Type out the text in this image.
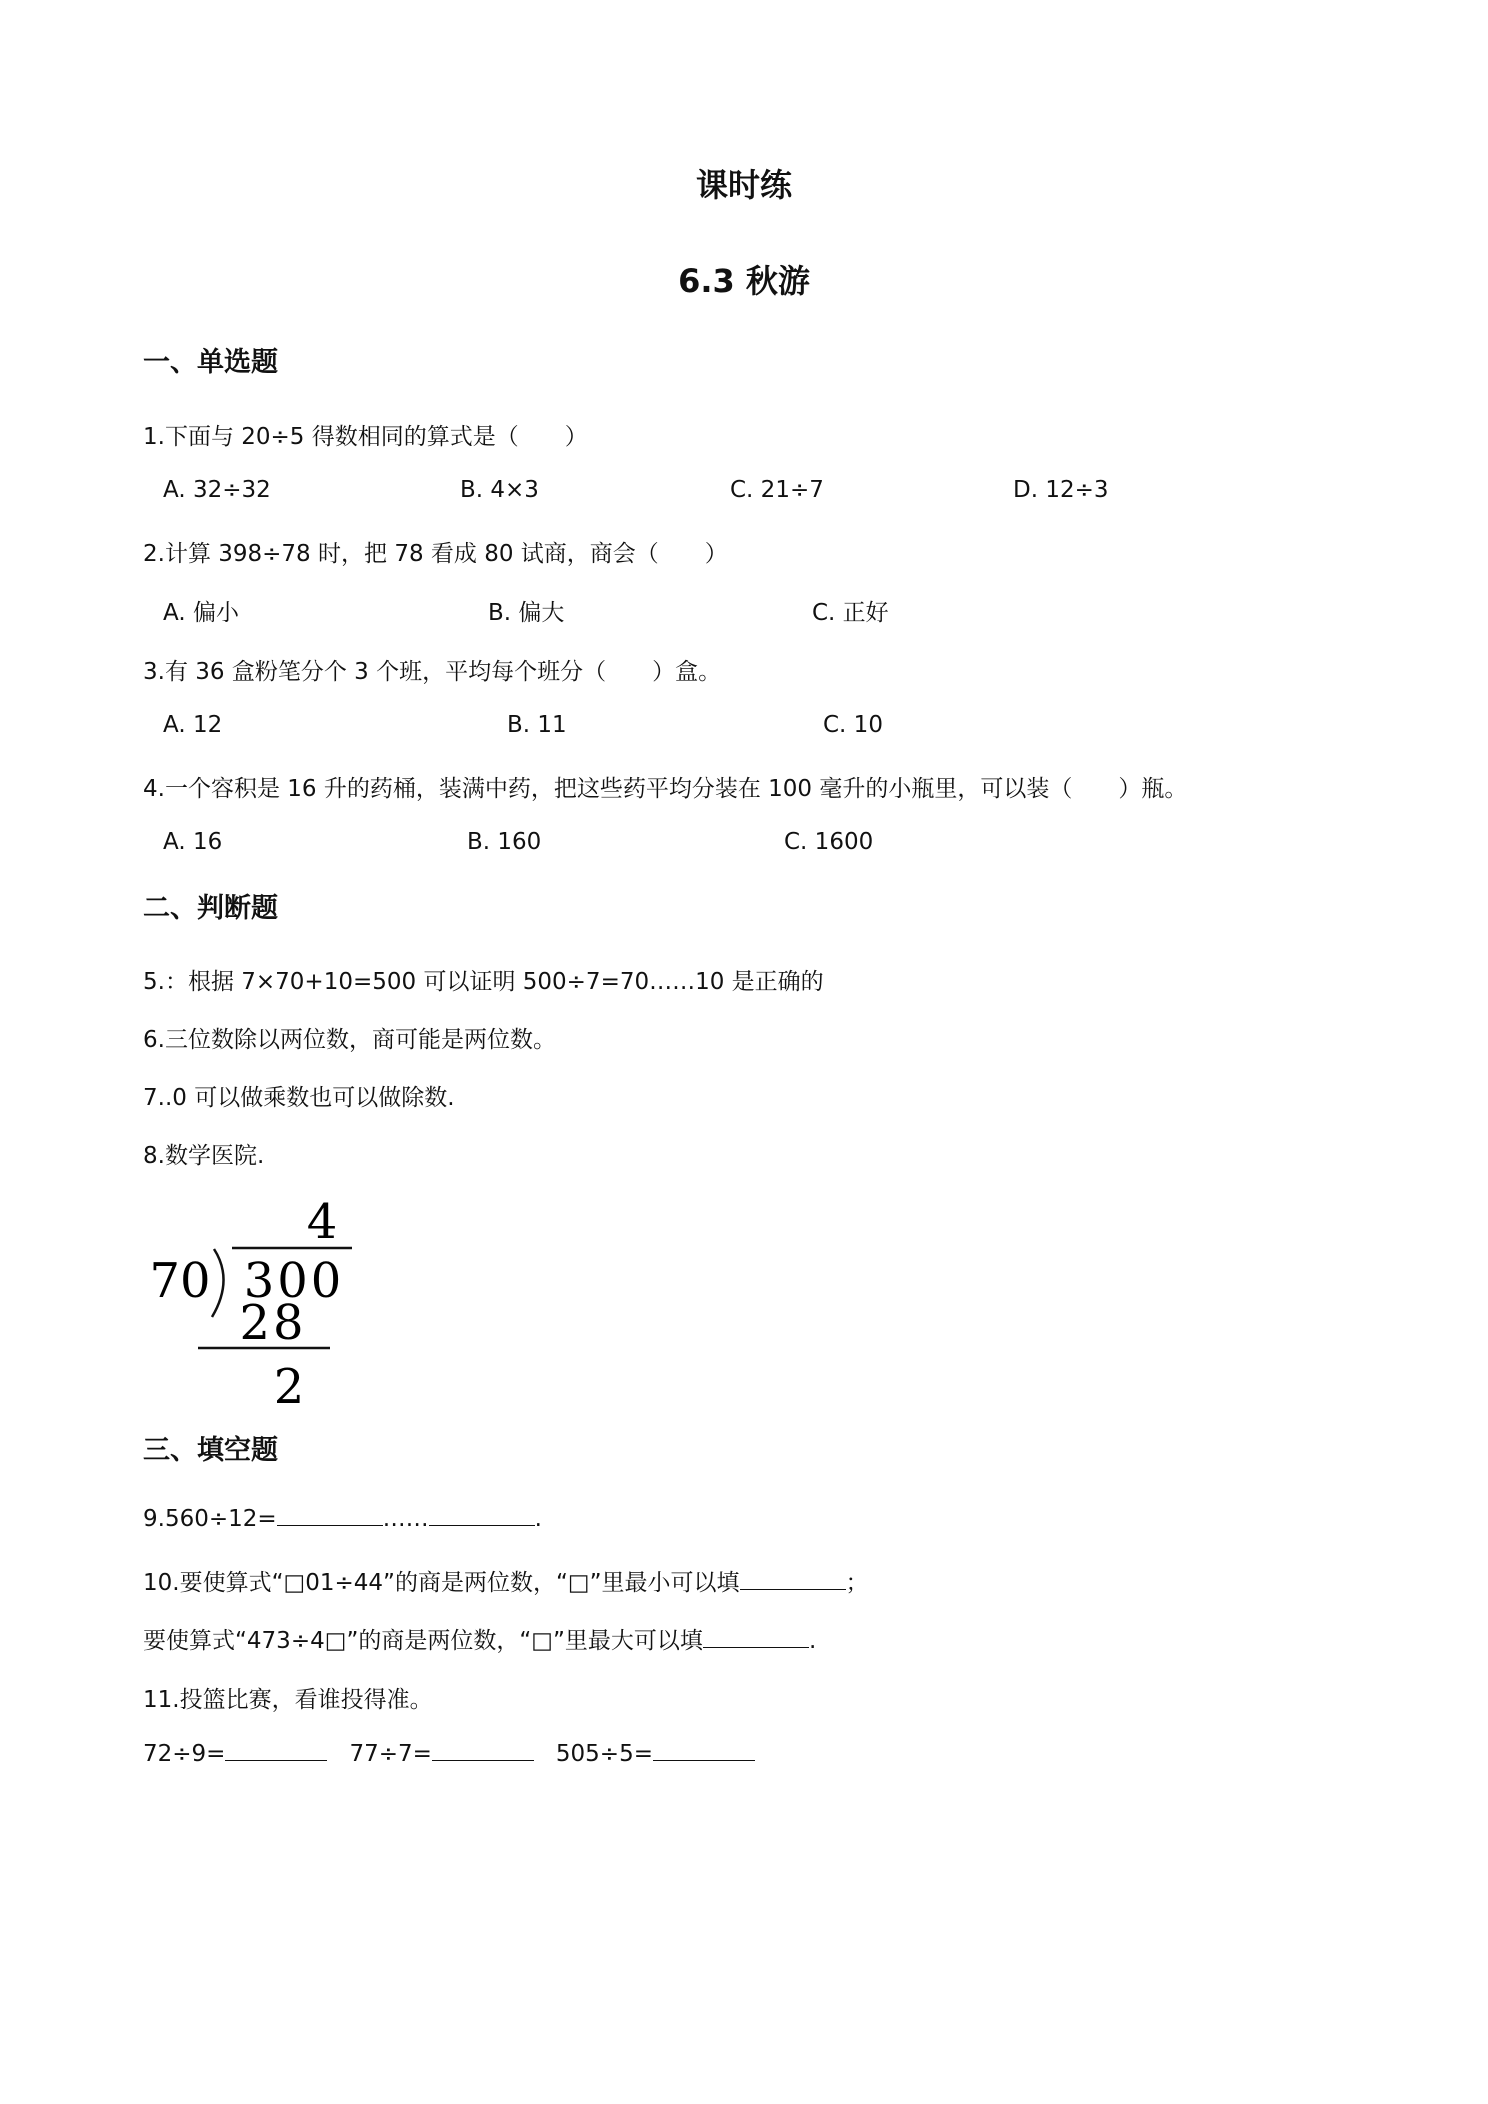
课时练
6.3 秋游
一、单选题
1.下面与 20÷5 得数相同的算式是（　　）
A. 32÷32	B. 4×3	C. 21÷7	D. 12÷3
2.计算 398÷78 时，把 78 看成 80 试商，商会（　　）
A. 偏小	B. 偏大	C. 正好
3.有 36 盒粉笔分个 3 个班，平均每个班分（　　）盒。
A. 12	B. 11	C. 10
4.一个容积是 16 升的药桶，装满中药，把这些药平均分装在 100 毫升的小瓶里，可以装（　　）瓶。
A. 16	B. 160	C. 1600
二、判断题
5.：根据 7×70+10=500 可以证明 500÷7=70……10 是正确的
6.三位数除以两位数，商可能是两位数。
7..0 可以做乘数也可以做除数.
8.数学医院.
4
70 300
28
2
三、填空题
9.560÷12=	……	.
10.要使算式“□01÷44”的商是两位数，“□”里最小可以填	；
要使算式“473÷4□”的商是两位数，“□”里最大可以填	.
11.投篮比赛，看谁投得准。
72÷9=	77÷7=	505÷5=
